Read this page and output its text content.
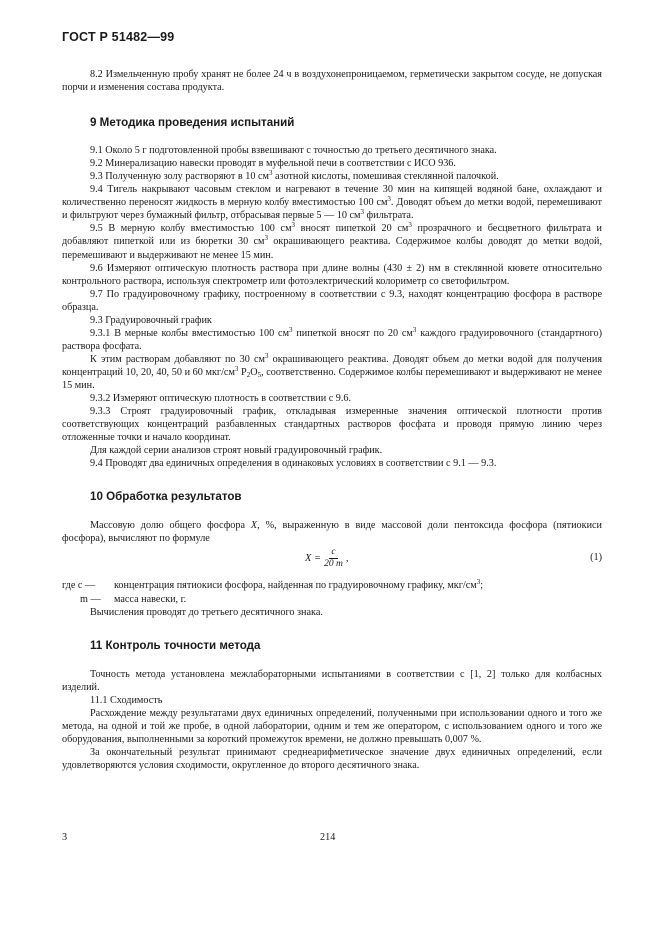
ГОСТ Р 51482—99

8.2 Измельченную пробу хранят не более 24 ч в воздухонепроницаемом, герметически закрытом сосуде, не допуская порчи и изменения состава продукта.

9 Методика проведения испытаний

9.1 Около 5 г подготовленной пробы взвешивают с точностью до третьего десятичного знака.

9.2 Минерализацию навески проводят в муфельной печи в соответствии с ИСО 936.

9.3 Полученную золу растворяют в 10 $см^3$ азотной кислоты, помешивая стеклянной палочкой.

9.4 Тигель накрывают часовым стеклом и нагревают в течение 30 мин на кипящей водяной бане, охлаждают и количественно переносят жидкость в мерную колбу вместимостью 100 $см^3$. Доводят объем до метки водой, перемешивают и фильтруют через бумажный фильтр, отбрасывая первые 5 — 10 $см^3$ фильтрата.

9.5 В мерную колбу вместимостью 100 $см^3$ вносят пипеткой 20 $см^3$ прозрачного и бесцветного фильтрата и добавляют пипеткой или из бюретки 30 $см^3$ окрашивающего реактива. Содержимое колбы доводят до метки водой, перемешивают и выдерживают не менее 15 мин.

9.6 Измеряют оптическую плотность раствора при длине волны (430 ± 2) нм в стеклянной кювете относительно контрольного раствора, используя спектрометр или фотоэлектрический колориметр со светофильтром.

9.7 По градуировочному графику, построенному в соответствии с 9.3, находят концентрацию фосфора в растворе образца.

9.3 Градуировочный график

9.3.1 В мерные колбы вместимостью 100 $см^3$ пипеткой вносят по 20 $см^3$ каждого градуировочного (стандартного) раствора фосфата.

К этим растворам добавляют по 30 $см^3$ окрашивающего реактива. Доводят объем до метки водой для получения концентраций 10, 20, 40, 50 и 60 мкг/$см^3$ $P_2O_5$, соответственно. Содержимое колбы перемешивают и выдерживают не менее 15 мин.

9.3.2 Измеряют оптическую плотность в соответствии с 9.6.

9.3.3 Строят градуировочный график, откладывая измеренные значения оптической плотности против соответствующих концентраций разбавленных стандартных растворов фосфата и проводя прямую линию через отложенные точки и начало координат.

Для каждой серии анализов строят новый градуировочный график.

9.4 Проводят два единичных определения в одинаковых условиях в соответствии с 9.1 — 9.3.

10 Обработка результатов

Массовую долю общего фосфора X, %, выраженную в виде массовой доли пентоксида фосфора (пятиокиси фосфора), вычисляют по формуле

$X = \frac{c}{20 m}$ ,	(1)
где c —	концентрация пятиокиси фосфора, найденная по градуировочному графику, мкг/$см^3$;
m —	масса навески, г.

Вычисления проводят до третьего десятичного знака.

11 Контроль точности метода

Точность метода установлена межлабораторными испытаниями в соответствии с [1, 2] только для колбасных изделий.

11.1 Сходимость

Расхождение между результатами двух единичных определений, полученными при использовании одного и того же метода, на одной и той же пробе, в одной лаборатории, одним и тем же оператором, с использованием одного и того же оборудования, выполненными за короткий промежуток времени, не должно превышать 0,007 %.

За окончательный результат принимают среднеарифметическое значение двух единичных определений, если удовлетворяются условия сходимости, округленное до второго десятичного знака.

3	214
